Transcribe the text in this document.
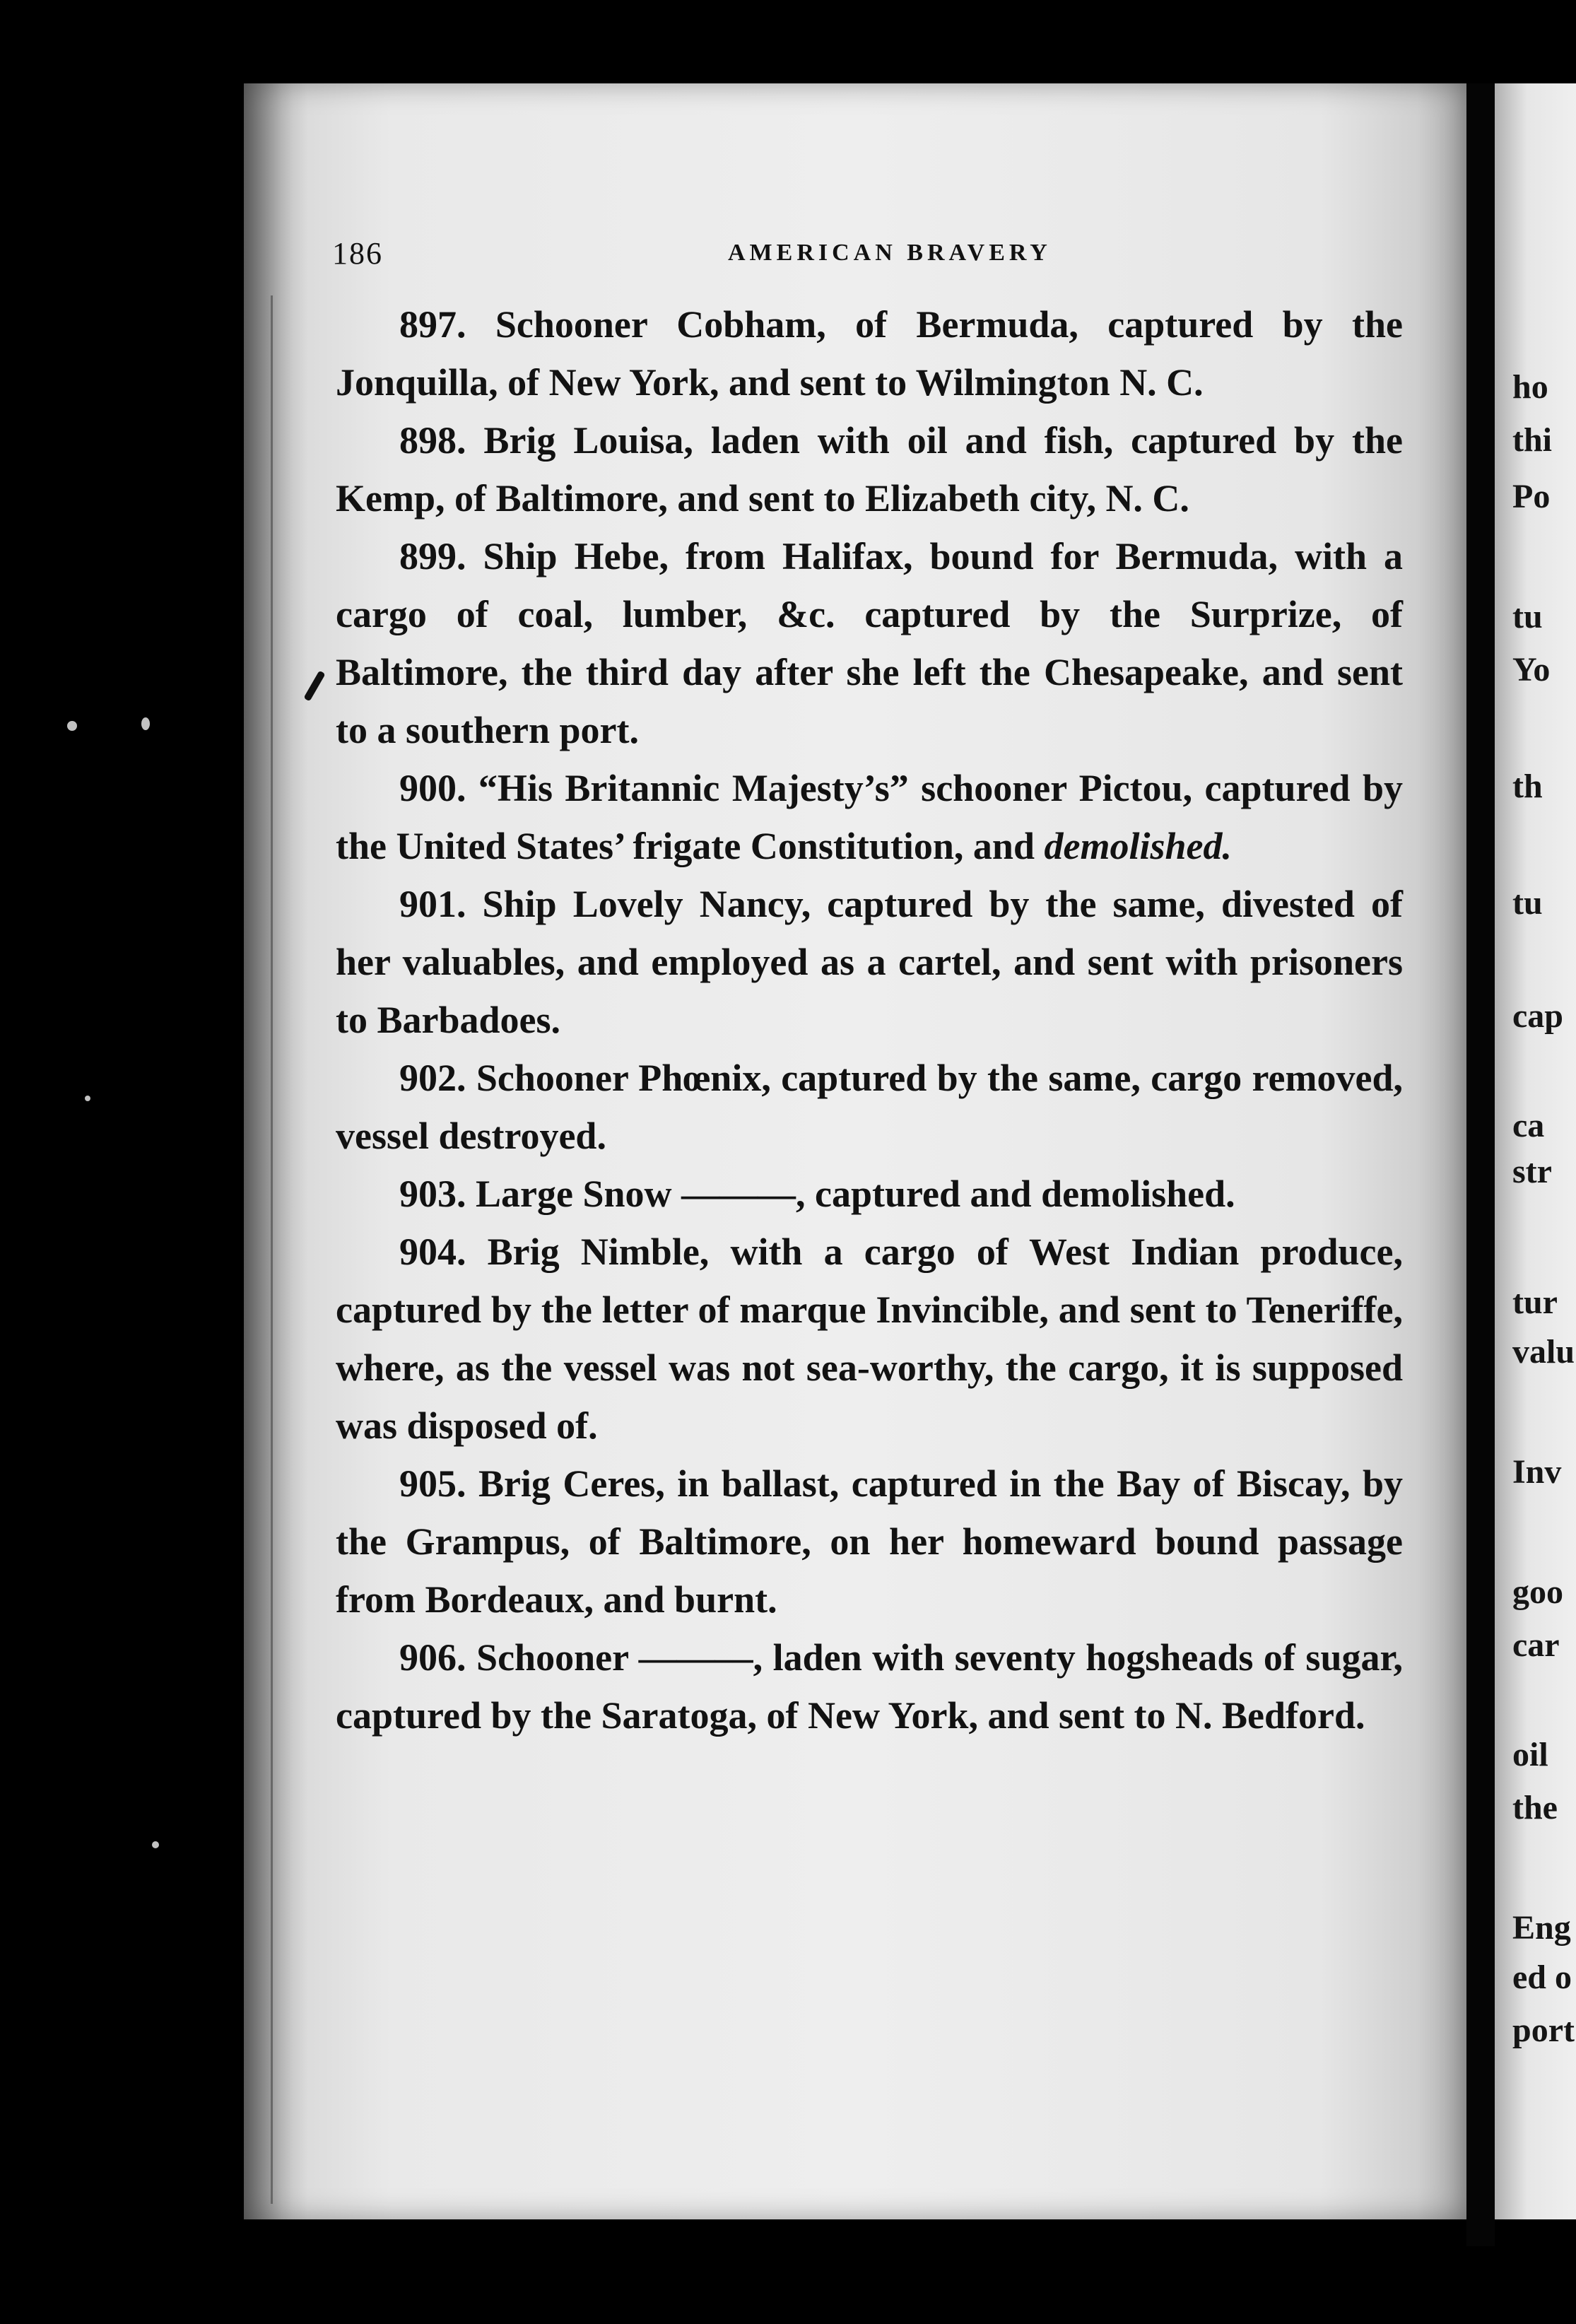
186	AMERICAN BRAVERY

897. Schooner Cobham, of Bermuda, captured by the Jonquilla, of New York, and sent to Wilmington N. C.

898. Brig Louisa, laden with oil and fish, captured by the Kemp, of Baltimore, and sent to Elizabeth city, N. C.

899. Ship Hebe, from Halifax, bound for Bermuda, with a cargo of coal, lumber, &c. captured by the Surprize, of Baltimore, the third day after she left the Chesapeake, and sent to a southern port.

900. “His Britannic Majesty’s” schooner Pictou, captured by the United States’ frigate Constitution, and demolished.

901. Ship Lovely Nancy, captured by the same, divested of her valuables, and employed as a cartel, and sent with prisoners to Barbadoes.

902. Schooner Phœnix, captured by the same, cargo removed, vessel destroyed.

903. Large Snow ———, captured and demolished.

904. Brig Nimble, with a cargo of West Indian produce, captured by the letter of marque Invincible, and sent to Teneriffe, where, as the vessel was not sea-worthy, the cargo, it is supposed was disposed of.

905. Brig Ceres, in ballast, captured in the Bay of Biscay, by the Grampus, of Baltimore, on her homeward bound passage from Bordeaux, and burnt.

906. Schooner ———, laden with seventy hogsheads of sugar, captured by the Saratoga, of New York, and sent to N. Bedford.

ho
thi
Po
tu
Yo
th
tu
cap
ca
str
tur
valu
Inv
goo
car
oil
the
Eng
ed o
port
